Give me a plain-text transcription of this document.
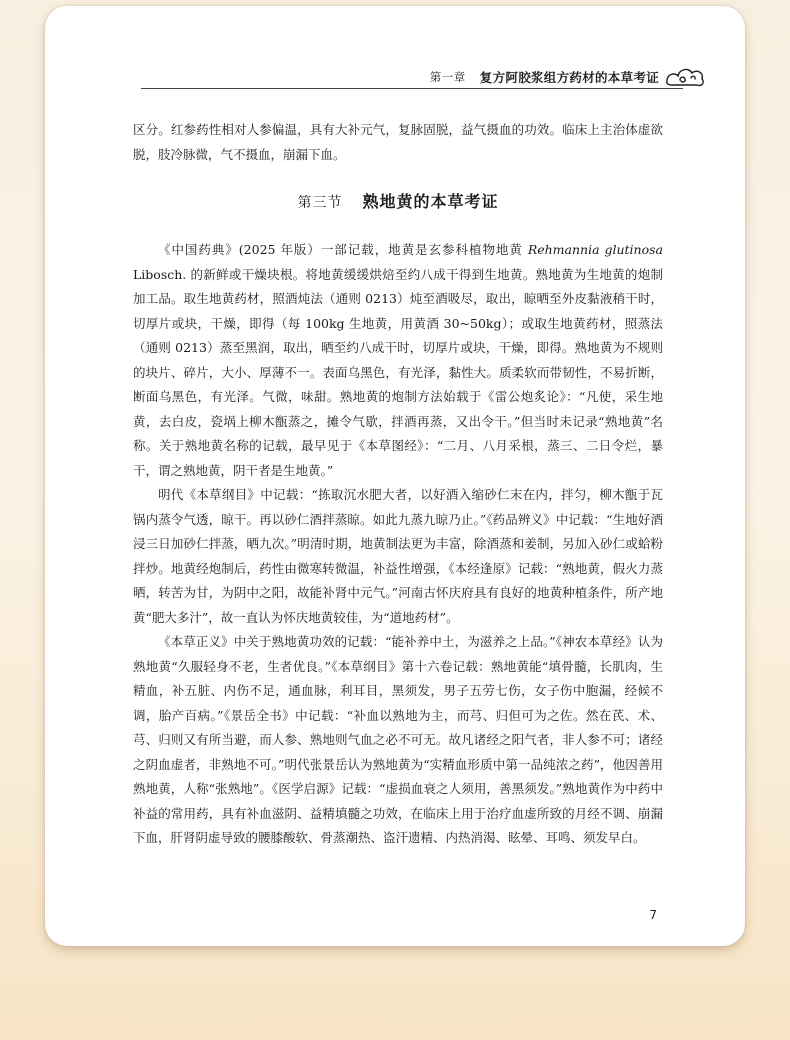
第一章 复方阿胶浆组方药材的本草考证

区分。红参药性相对人参偏温，具有大补元气，复脉固脱，益气摄血的功效。临床上主治体虚欲脱，肢冷脉微，气不摄血，崩漏下血。

第三节 熟地黄的本草考证

《中国药典》(2025 年版）一部记载，地黄是玄参科植物地黄 Rehmannia glutinosa Libosch. 的新鲜或干燥块根。将地黄缓缓烘焙至约八成干得到生地黄。熟地黄为生地黄的炮制加工品。取生地黄药材，照酒炖法（通则 0213）炖至酒吸尽，取出，晾晒至外皮黏液稍干时，切厚片或块，干燥，即得（每 100kg 生地黄，用黄酒 30~50kg）；或取生地黄药材，照蒸法（通则 0213）蒸至黑润，取出，晒至约八成干时，切厚片或块，干燥，即得。熟地黄为不规则的块片、碎片，大小、厚薄不一。表面乌黑色，有光泽，黏性大。质柔软而带韧性，不易折断，断面乌黑色，有光泽。气微，味甜。熟地黄的炮制方法始载于《雷公炮炙论》：“凡使，采生地黄，去白皮，瓷埚上柳木甑蒸之，摊令气歇，拌酒再蒸，又出令干。”但当时未记录“熟地黄”名称。关于熟地黄名称的记载，最早见于《本草图经》：“二月、八月采根，蒸三、二日令烂，暴干，谓之熟地黄，阴干者是生地黄。”

明代《本草纲目》中记载：“拣取沉水肥大者，以好酒入缩砂仁末在内，拌匀，柳木甑于瓦锅内蒸令气透，晾干。再以砂仁酒拌蒸晾。如此九蒸九晾乃止。”《药品辨义》中记载：“生地好酒浸三日加砂仁拌蒸，晒九次。”明清时期，地黄制法更为丰富，除酒蒸和姜制，另加入砂仁或蛤粉拌炒。地黄经炮制后，药性由微寒转微温，补益性增强，《本经逢原》记载：“熟地黄，假火力蒸晒，转苦为甘，为阴中之阳，故能补肾中元气。”河南古怀庆府具有良好的地黄种植条件，所产地黄“肥大多汁”，故一直认为怀庆地黄较佳，为“道地药材”。

《本草正义》中关于熟地黄功效的记载：“能补养中土，为滋养之上品。”《神农本草经》认为熟地黄“久服轻身不老，生者优良。”《本草纲目》第十六卷记载：熟地黄能“填骨髓，长肌肉，生精血，补五脏、内伤不足，通血脉，利耳目，黑须发，男子五劳七伤，女子伤中胞漏，经候不调，胎产百病。”《景岳全书》中记载：“补血以熟地为主，而芎、归但可为之佐。然在芪、术、芎、归则又有所当避，而人参、熟地则气血之必不可无。故凡诸经之阳气者，非人参不可；诸经之阴血虚者，非熟地不可。”明代张景岳认为熟地黄为“实精血形质中第一品纯浓之药”，他因善用熟地黄，人称“张熟地”。《医学启源》记载：“虚损血衰之人须用，善黑须发。”熟地黄作为中药中补益的常用药，具有补血滋阴、益精填髓之功效，在临床上用于治疗血虚所致的月经不调、崩漏下血，肝肾阴虚导致的腰膝酸软、骨蒸潮热、盗汗遗精、内热消渴、眩晕、耳鸣、须发早白。

7
